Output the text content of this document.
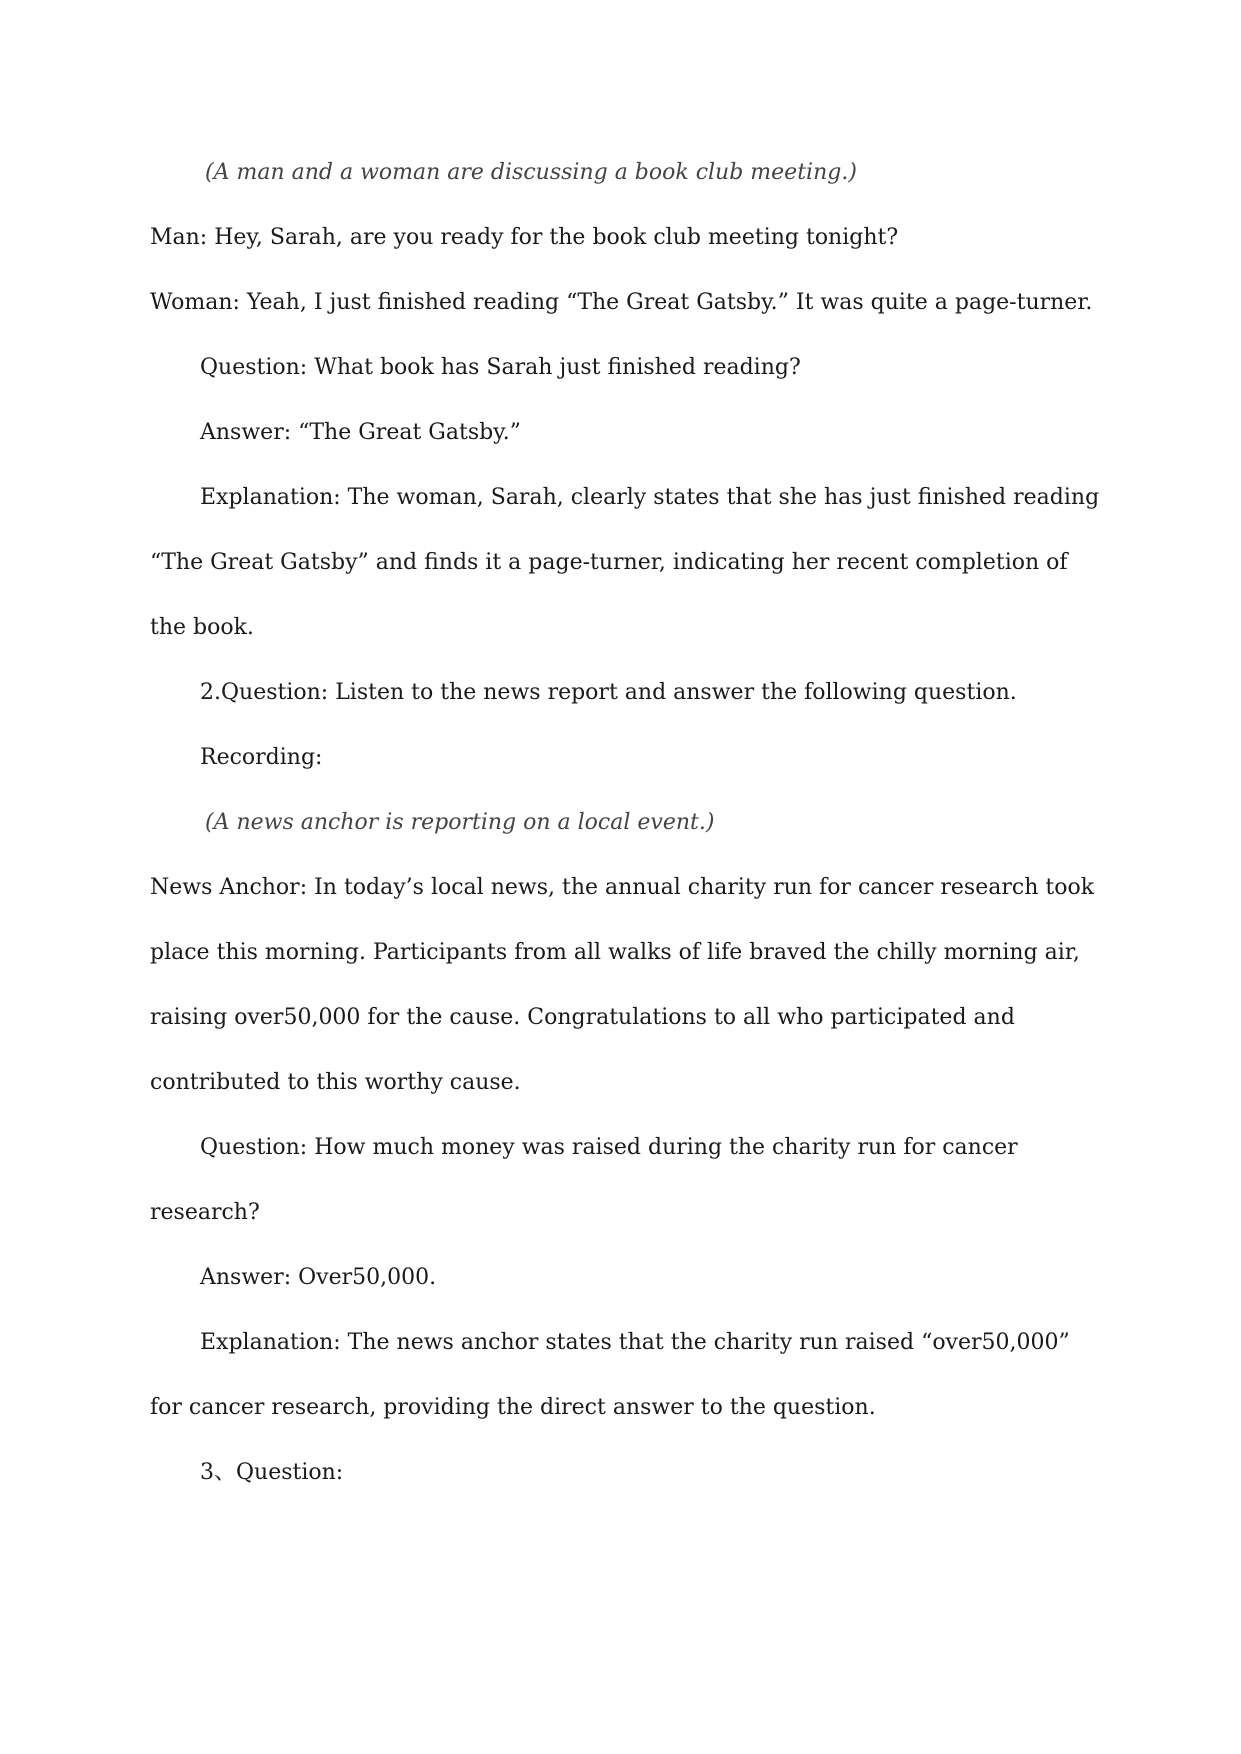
(A man and a woman are discussing a book club meeting.)

Man: Hey, Sarah, are you ready for the book club meeting tonight?

Woman: Yeah, I just finished reading “The Great Gatsby.” It was quite a page-turner.

Question: What book has Sarah just finished reading?

Answer: “The Great Gatsby.”

Explanation: The woman, Sarah, clearly states that she has just finished reading “The Great Gatsby” and finds it a page-turner, indicating her recent completion of the book.

2.Question: Listen to the news report and answer the following question.

Recording:

(A news anchor is reporting on a local event.)

News Anchor: In today’s local news, the annual charity run for cancer research took place this morning. Participants from all walks of life braved the chilly morning air, raising over50,000 for the cause. Congratulations to all who participated and contributed to this worthy cause.

Question: How much money was raised during the charity run for cancer research?

Answer: Over50,000.

Explanation: The news anchor states that the charity run raised “over50,000” for cancer research, providing the direct answer to the question.

3、Question:
